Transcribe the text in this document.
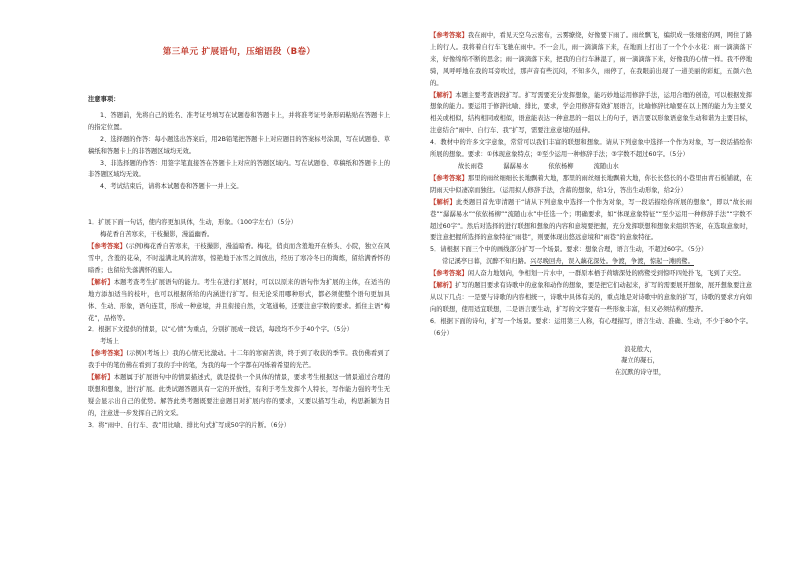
第三单元 扩展语句，压缩语段（B卷）

注意事项：

1、答题前，先将自己的姓名、准考证号填写在试题卷和答题卡上，并将准考证号条形码粘贴在答题卡上的指定位置。

2、选择题的作答：每小题选出答案后，用2B铅笔把答题卡上对应题目的答案标号涂黑，写在试题卷、草稿纸和答题卡上的非答题区域均无效。

3、非选择题的作答：用签字笔直接答在答题卡上对应的答题区域内。写在试题卷、草稿纸和答题卡上的非答题区域均无效。

4、考试结束后，请将本试题卷和答题卡一并上交。

1．扩展下面一句话，使内容更加具体，生动，形象。（100字左右）（5分）

梅花香自苦寒来，干枝撮影，漫溢幽香。

【参考答案】(示例)梅花香自苦寒来，干枝撮影，漫溢暗香。梅花，俏贞而含羞地开在桥头、小院，独立在风雪中，含羞的花朵，不时溢满北风的清寒，惊艳地于冰雪之间放出，经历了寒冷冬日的淘炼，留给满香怀的暗香；也留给失落满怀的旅人。

【解析】本题考查考生扩展语句的能力。考生在进行扩展时，可以以原来的语句作为扩展的主体，在适当的地方添加适当的枝叶，也可以根据所给的内涵进行扩写。但无论采用哪种形式，都必须使整个语句更加具体、生动、形象，语句连贯，形成一种意境，并且衔接自然，文笔通畅，还要注意字数的要求。抓住主语“梅花”，品格等。

2．根据下文提供的情景，以“心情”为重点，分别扩展成一段话，每段均不少于40个字。（5分）

考场上

【参考答案】(示例)(考场上）我的心情无比激动。十二年的寒窗苦读，终于到了收获的季节。我仿佛看到了我手中的笔仿佛在看到了我的手中的笔，为我的每一个字都在闪烁着希望的光芒。

【解析】本题属于扩展语句中的情景描述式，就是提供一个具体的情景，要求考生根据这一情景通过合理的联想和想象，进行扩展。此类试题答题具有一定的开放性，有利于考生发挥个人特长，写作能力强的考生无疑会显示出自己的优势。解答此类考题既要注意题目对扩展内容的要求，又要以描写生动，构思新颖为目的，注意进一步发挥自己的文采。

3．将“雨中、自行车、我”用比喻、排比句式扩写成50字的片断。（6分）

【参考答案】我在雨中，看见天空乌云密布，云雾缭绕，好像要下雨了。雨丝飘飞，编织成一张细密的网，网住了路上的行人。我将着自行车飞驰在雨中。不一会儿，雨一滴滴落下来，在地面上打出了一个个小水花：雨一滴滴落下来，好像绵绵不断的思念；雨一滴滴落下来，把我的自行车淋湿了，雨一滴滴落下来，好像我的心情一样。我不停地骑，风呼呼地在我的耳旁吹过，那声音有些沉闷，不知多久，雨停了，在我眼前出现了一道美丽的彩虹，五颜六色的。

【解析】本题主要考查语段扩写。扩写需要充分发挥想象，能巧妙地运用修辞手法，运用合理的创造，可以根据发挥想象的能力。要运用于修辞比喻、排比，要求，学会用修辞有效扩展语言，比喻修辞比喻要在以上图的能力为主要义相关或相似，结构相同或相似，语意能表达一种意思的一组以上的句子，语言要以形象语意象生动和谐为主要目标，注意结合“雨中、自行车、我”扩写，需要注意意境的延伸。

4．教材中的许多文字意象，常常可以我们丰富的联想和想象。请从下列意象中选择一个作为对象，写一段话描绘你所展的想象。要求：①体现意象特点；②至少运用一种修辞手法；③字数不超过60字。（5分）

故长雨巷	潺潺易水	依依杨柳	流随山水

【参考答案】那里的雨丝细细长长地飘着大地，那里的雨丝细长地飘着大地，你长长悠长的小巷里由青石板铺就，在阴雨天中似凄凉而独往。（运用拟人修辞手法，含蓄的想象，给1分，答出生动形象，给2分）

【解析】此类题目首先审清题干“请从下列意象中选择一个作为对象，写一段话描绘你所展的想象”，即以“故长雨巷”“潺潺易水”“依依杨柳”“流随山水”中任选一个；明确要求，如“体现意象特征”“至少运用一种修辞手法”“字数不超过60字”。然后对选择的进行联想和想象的内容和意境要把握，充分发挥联想和想象来组织答案，在选取意象时，要注意把握所选择的意象特征“雨巷”，则要体现出悠远意境和“雨巷”的意象特征。

5．请根据下面三个中的画线部分扩写一个场景。要求：想象合理，语言生动，不超过60字。（5分）

常记溪亭日暮，沉醉不知归路。兴尽晚回舟，误入藕花深处。争渡，争渡，惊起一滩鸥鹭。

【参考答案】闲人奋力地划向，争相划一片水中，一群原本栖于荷塘深处的鸥鹭受到惊吓四处扑飞，飞到了天空。

【解析】扩写的题目要求有诗歌中的意象和动作的想象，要是把它们动起来，扩写的需要展开想象，展开想象要注意从以下几点：一是要与诗歌的内容相统一，诗歌中具体有关的，重点地是对诗歌中的意象的扩写，诗歌的要求方向如向的联想，使用适宜联想，二是语言要生动，扩写的文字要有一些形象丰富，但又必须结构的整齐。

6．根据下面的诗句，扩写一个场景。要求：运用第三人称，有心理描写，语言生动、准确、生动，不少于80个字。（6分）

浪花般大，
凝立的凝石，
在沉默的诗守里，
